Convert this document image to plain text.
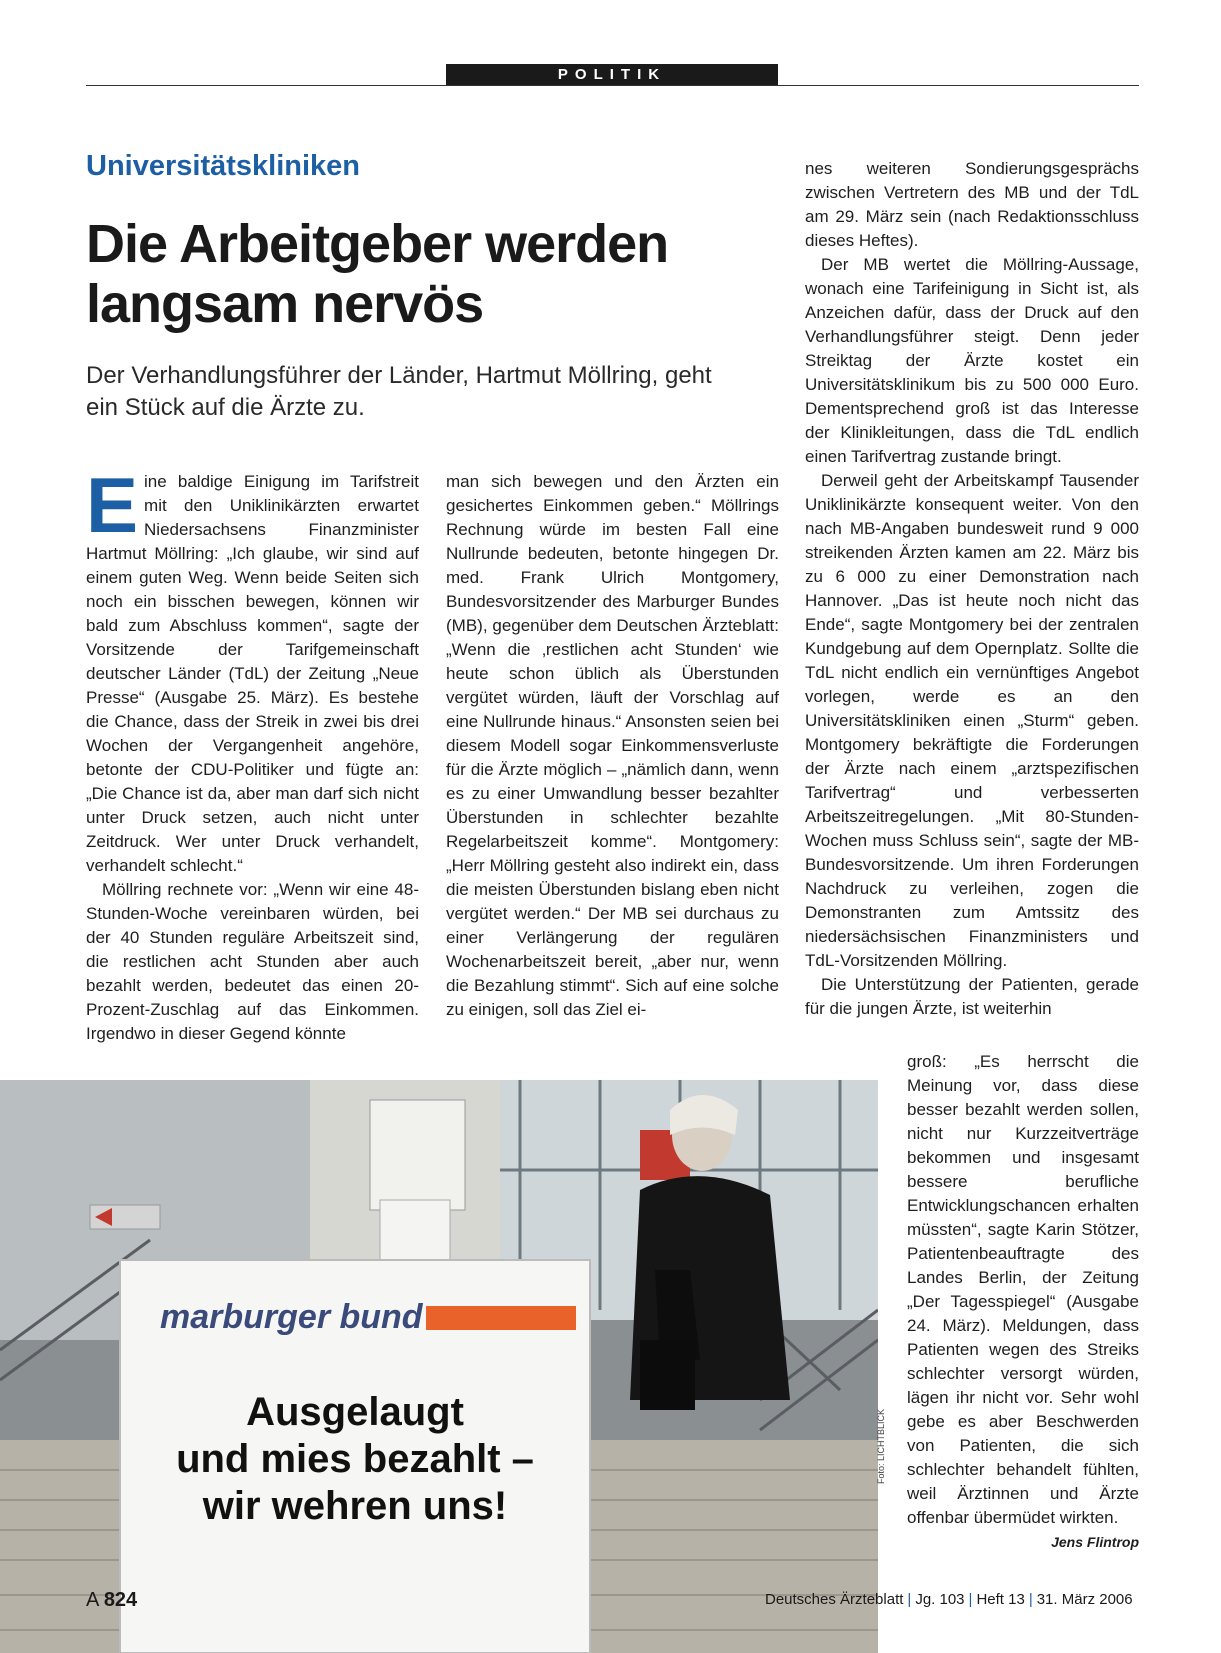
POLITIK
Universitätskliniken
Die Arbeitgeber werden langsam nervös
Der Verhandlungsführer der Länder, Hartmut Möllring, geht ein Stück auf die Ärzte zu.

Eine baldige Einigung im Tarifstreit mit den Uniklinikärzten erwartet Niedersachsens Finanzminister Hartmut Möllring: „Ich glaube, wir sind auf einem guten Weg. Wenn beide Seiten sich noch ein bisschen bewegen, können wir bald zum Abschluss kommen“, sagte der Vorsitzende der Tarifgemeinschaft deutscher Länder (TdL) der Zeitung „Neue Presse“ (Ausgabe 25. März). Es bestehe die Chance, dass der Streik in zwei bis drei Wochen der Vergangenheit angehöre, betonte der CDU-Politiker und fügte an: „Die Chance ist da, aber man darf sich nicht unter Druck setzen, auch nicht unter Zeitdruck. Wer unter Druck verhandelt, verhandelt schlecht.“

Möllring rechnete vor: „Wenn wir eine 48-Stunden-Woche vereinbaren würden, bei der 40 Stunden reguläre Arbeitszeit sind, die restlichen acht Stunden aber auch bezahlt werden, bedeutet das einen 20-Prozent-Zuschlag auf das Einkommen. Irgendwo in dieser Gegend könnte

man sich bewegen und den Ärzten ein gesichertes Einkommen geben.“ Möllrings Rechnung würde im besten Fall eine Nullrunde bedeuten, betonte hingegen Dr. med. Frank Ulrich Montgomery, Bundesvorsitzender des Marburger Bundes (MB), gegenüber dem Deutschen Ärzteblatt: „Wenn die ‚restlichen acht Stunden‘ wie heute schon üblich als Überstunden vergütet würden, läuft der Vorschlag auf eine Nullrunde hinaus.“ Ansonsten seien bei diesem Modell sogar Einkommensverluste für die Ärzte möglich – „nämlich dann, wenn es zu einer Umwandlung besser bezahlter Überstunden in schlechter bezahlte Regelarbeitszeit komme“. Montgomery: „Herr Möllring gesteht also indirekt ein, dass die meisten Überstunden bislang eben nicht vergütet werden.“ Der MB sei durchaus zu einer Verlängerung der regulären Wochenarbeitszeit bereit, „aber nur, wenn die Bezahlung stimmt“. Sich auf eine solche zu einigen, soll das Ziel ei-

nes weiteren Sondierungsgesprächs zwischen Vertretern des MB und der TdL am 29. März sein (nach Redaktionsschluss dieses Heftes).

Der MB wertet die Möllring-Aussage, wonach eine Tarifeinigung in Sicht ist, als Anzeichen dafür, dass der Druck auf den Verhandlungsführer steigt. Denn jeder Streiktag der Ärzte kostet ein Universitätsklinikum bis zu 500 000 Euro. Dementsprechend groß ist das Interesse der Klinikleitungen, dass die TdL endlich einen Tarifvertrag zustande bringt.

Derweil geht der Arbeitskampf Tausender Uniklinikärzte konsequent weiter. Von den nach MB-Angaben bundesweit rund 9 000 streikenden Ärzten kamen am 22. März bis zu 6 000 zu einer Demonstration nach Hannover. „Das ist heute noch nicht das Ende“, sagte Montgomery bei der zentralen Kundgebung auf dem Opernplatz. Sollte die TdL nicht endlich ein vernünftiges Angebot vorlegen, werde es an den Universitätskliniken einen „Sturm“ geben. Montgomery bekräftigte die Forderungen der Ärzte nach einem „arztspezifischen Tarifvertrag“ und verbesserten Arbeitszeitregelungen. „Mit 80-Stunden-Wochen muss Schluss sein“, sagte der MB-Bundesvorsitzende. Um ihren Forderungen Nachdruck zu verleihen, zogen die Demonstranten zum Amtssitz des niedersächsischen Finanzministers und TdL-Vorsitzenden Möllring.

Die Unterstützung der Patienten, gerade für die jungen Ärzte, ist weiterhin

groß: „Es herrscht die Meinung vor, dass diese besser bezahlt werden sollen, nicht nur Kurzzeitverträge bekommen und insgesamt bessere berufliche Entwicklungschancen erhalten müssten“, sagte Karin Stötzer, Patientenbeauftragte des Landes Berlin, der Zeitung „Der Tagesspiegel“ (Ausgabe 24. März). Meldungen, dass Patienten wegen des Streiks schlechter versorgt würden, lägen ihr nicht vor. Sehr wohl gebe es aber Beschwerden von Patienten, die sich schlechter behandelt fühlten, weil Ärztinnen und Ärzte offenbar übermüdet wirkten.
Jens Flintrop

marburger bund
Ausgelaugt
und mies bezahlt –
wir wehren uns!
Foto: LICHTBLICK
A 824	Deutsches Ärzteblatt | Jg. 103 | Heft 13 | 31. März 2006
